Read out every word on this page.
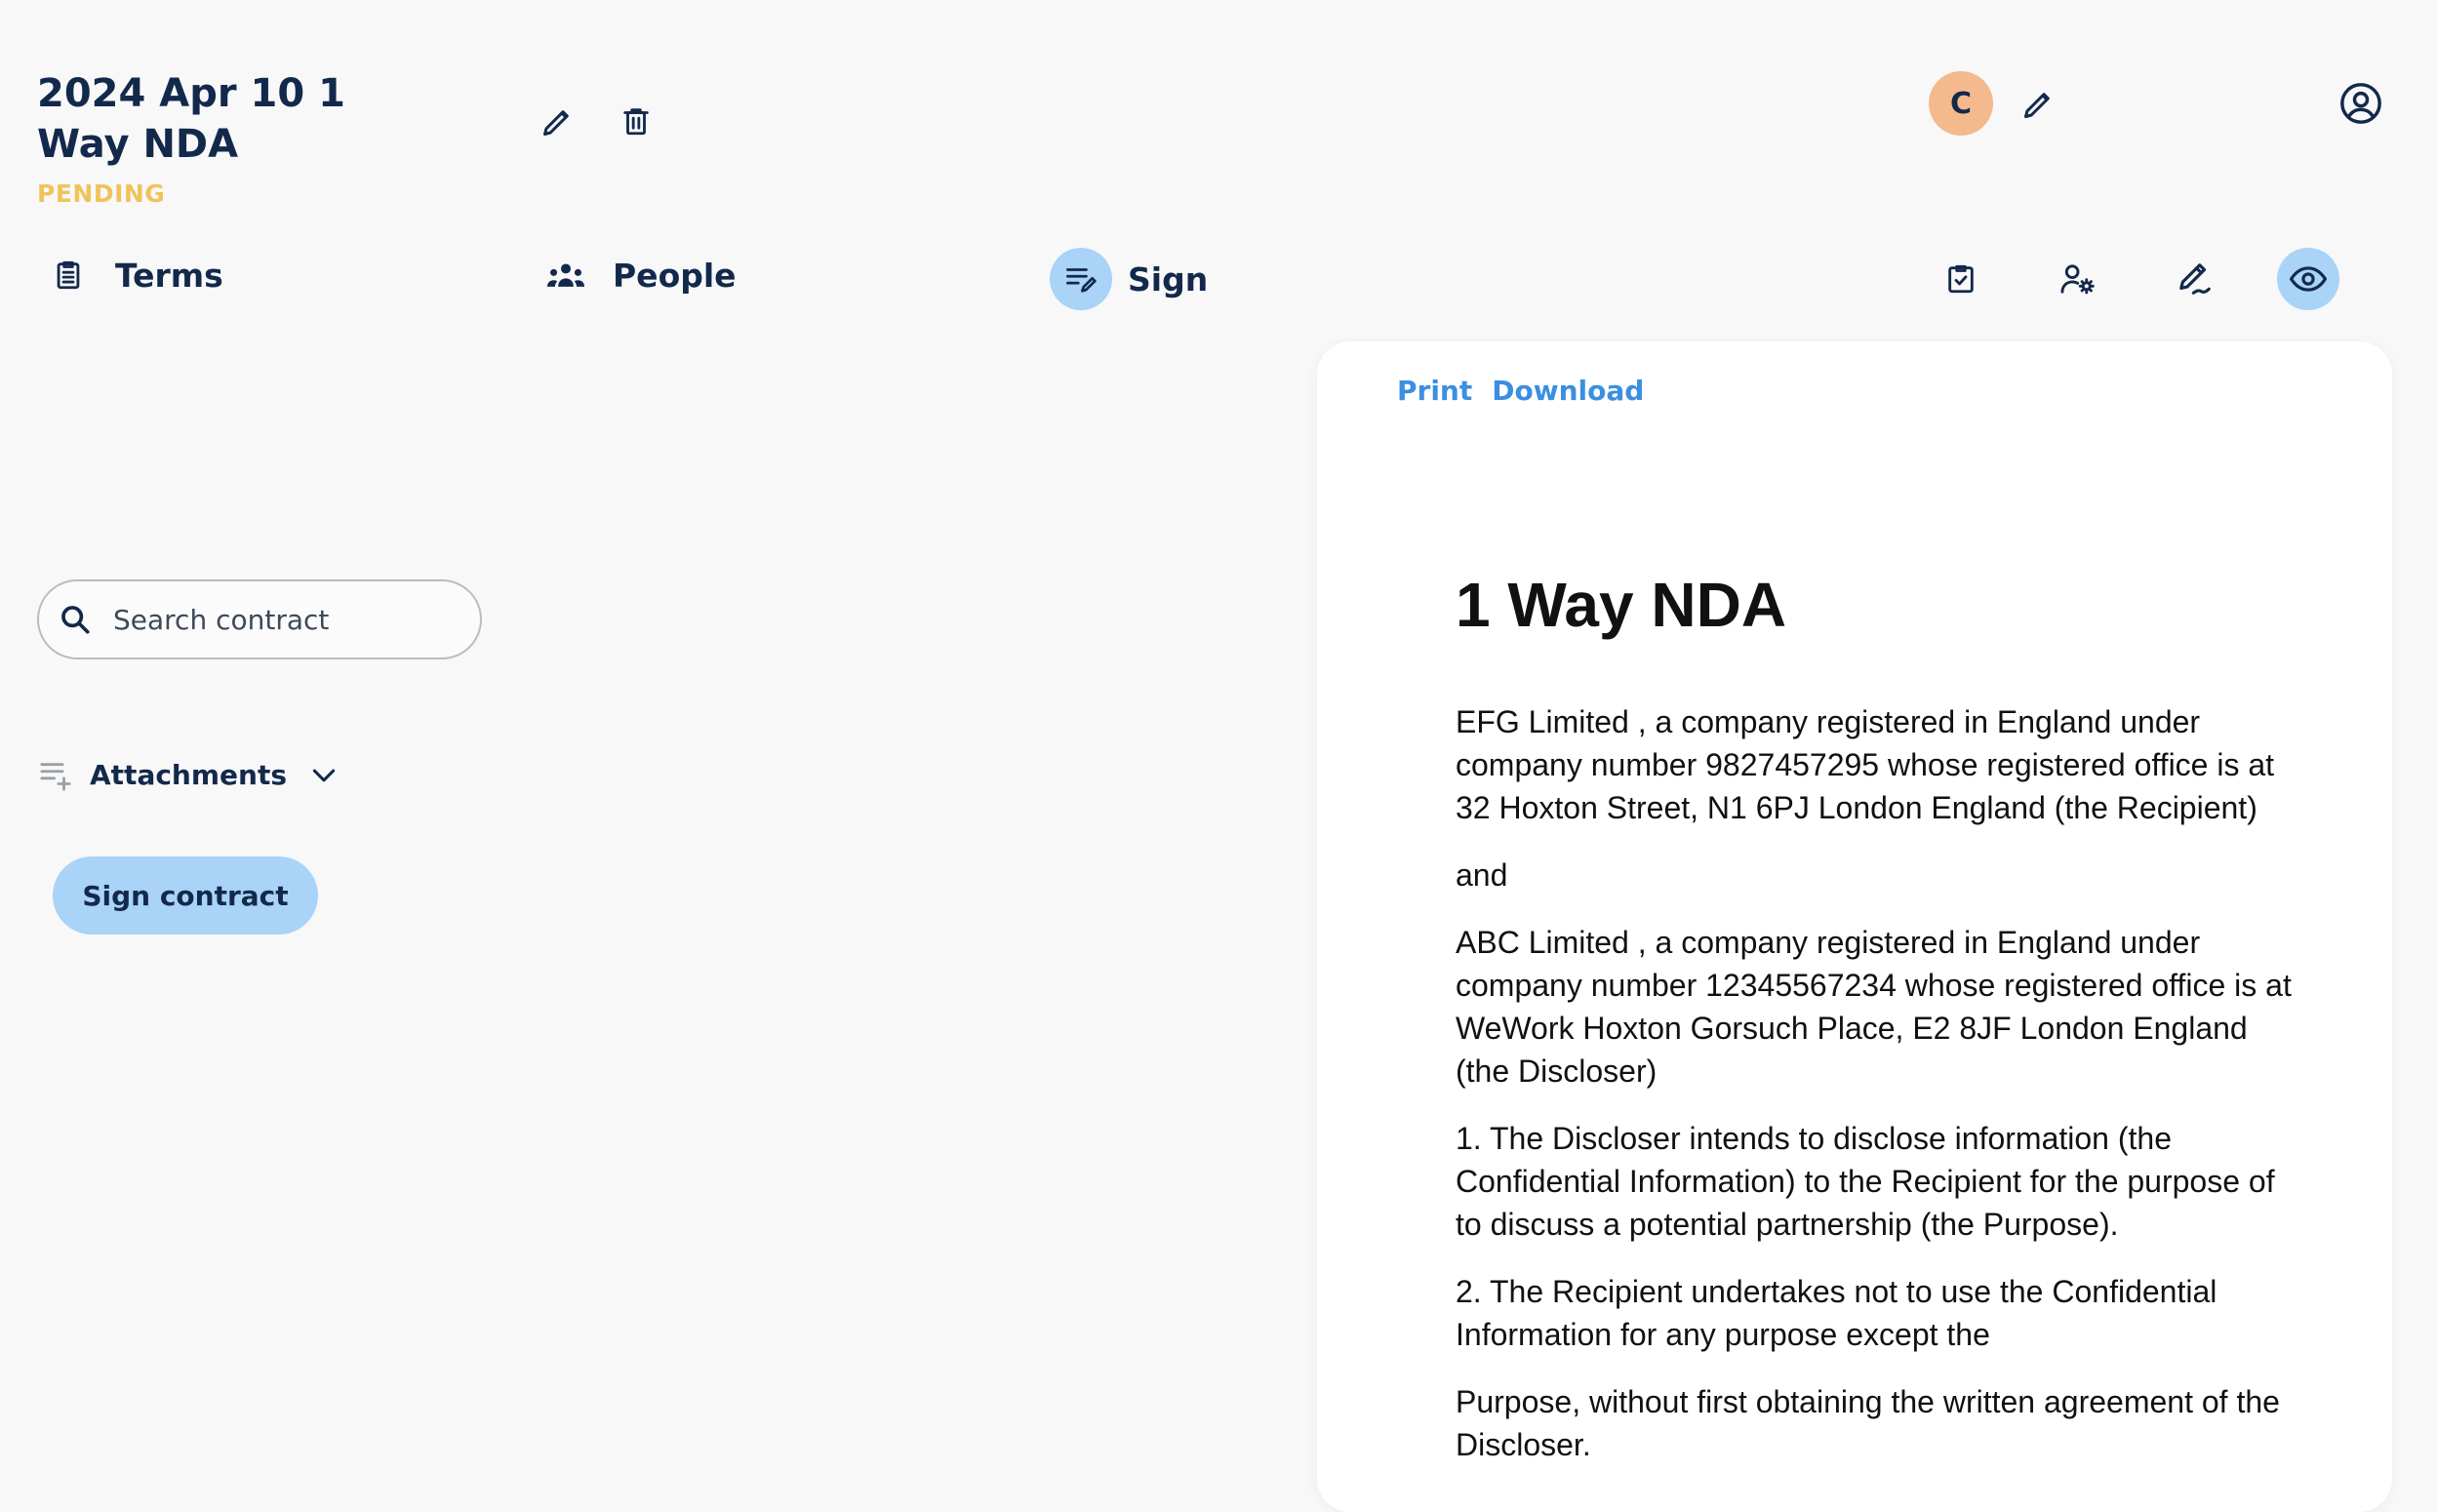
2024 Apr 10 1 Way NDA
PENDING
C
Terms	People	Sign
Search contract
Attachments
Sign contract
Print Download
1 Way NDA

EFG Limited , a company registered in England under company number 9827457295 whose registered office is at 32 Hoxton Street, N1 6PJ London England (the Recipient)

and

ABC Limited , a company registered in England under company number 12345567234 whose registered office is at WeWork Hoxton Gorsuch Place, E2 8JF London England (the Discloser)

1. The Discloser intends to disclose information (the Confidential Information) to the Recipient for the purpose of to discuss a potential partnership (the Purpose).

2. The Recipient undertakes not to use the Confidential Information for any purpose except the

Purpose, without first obtaining the written agreement of the Discloser.
